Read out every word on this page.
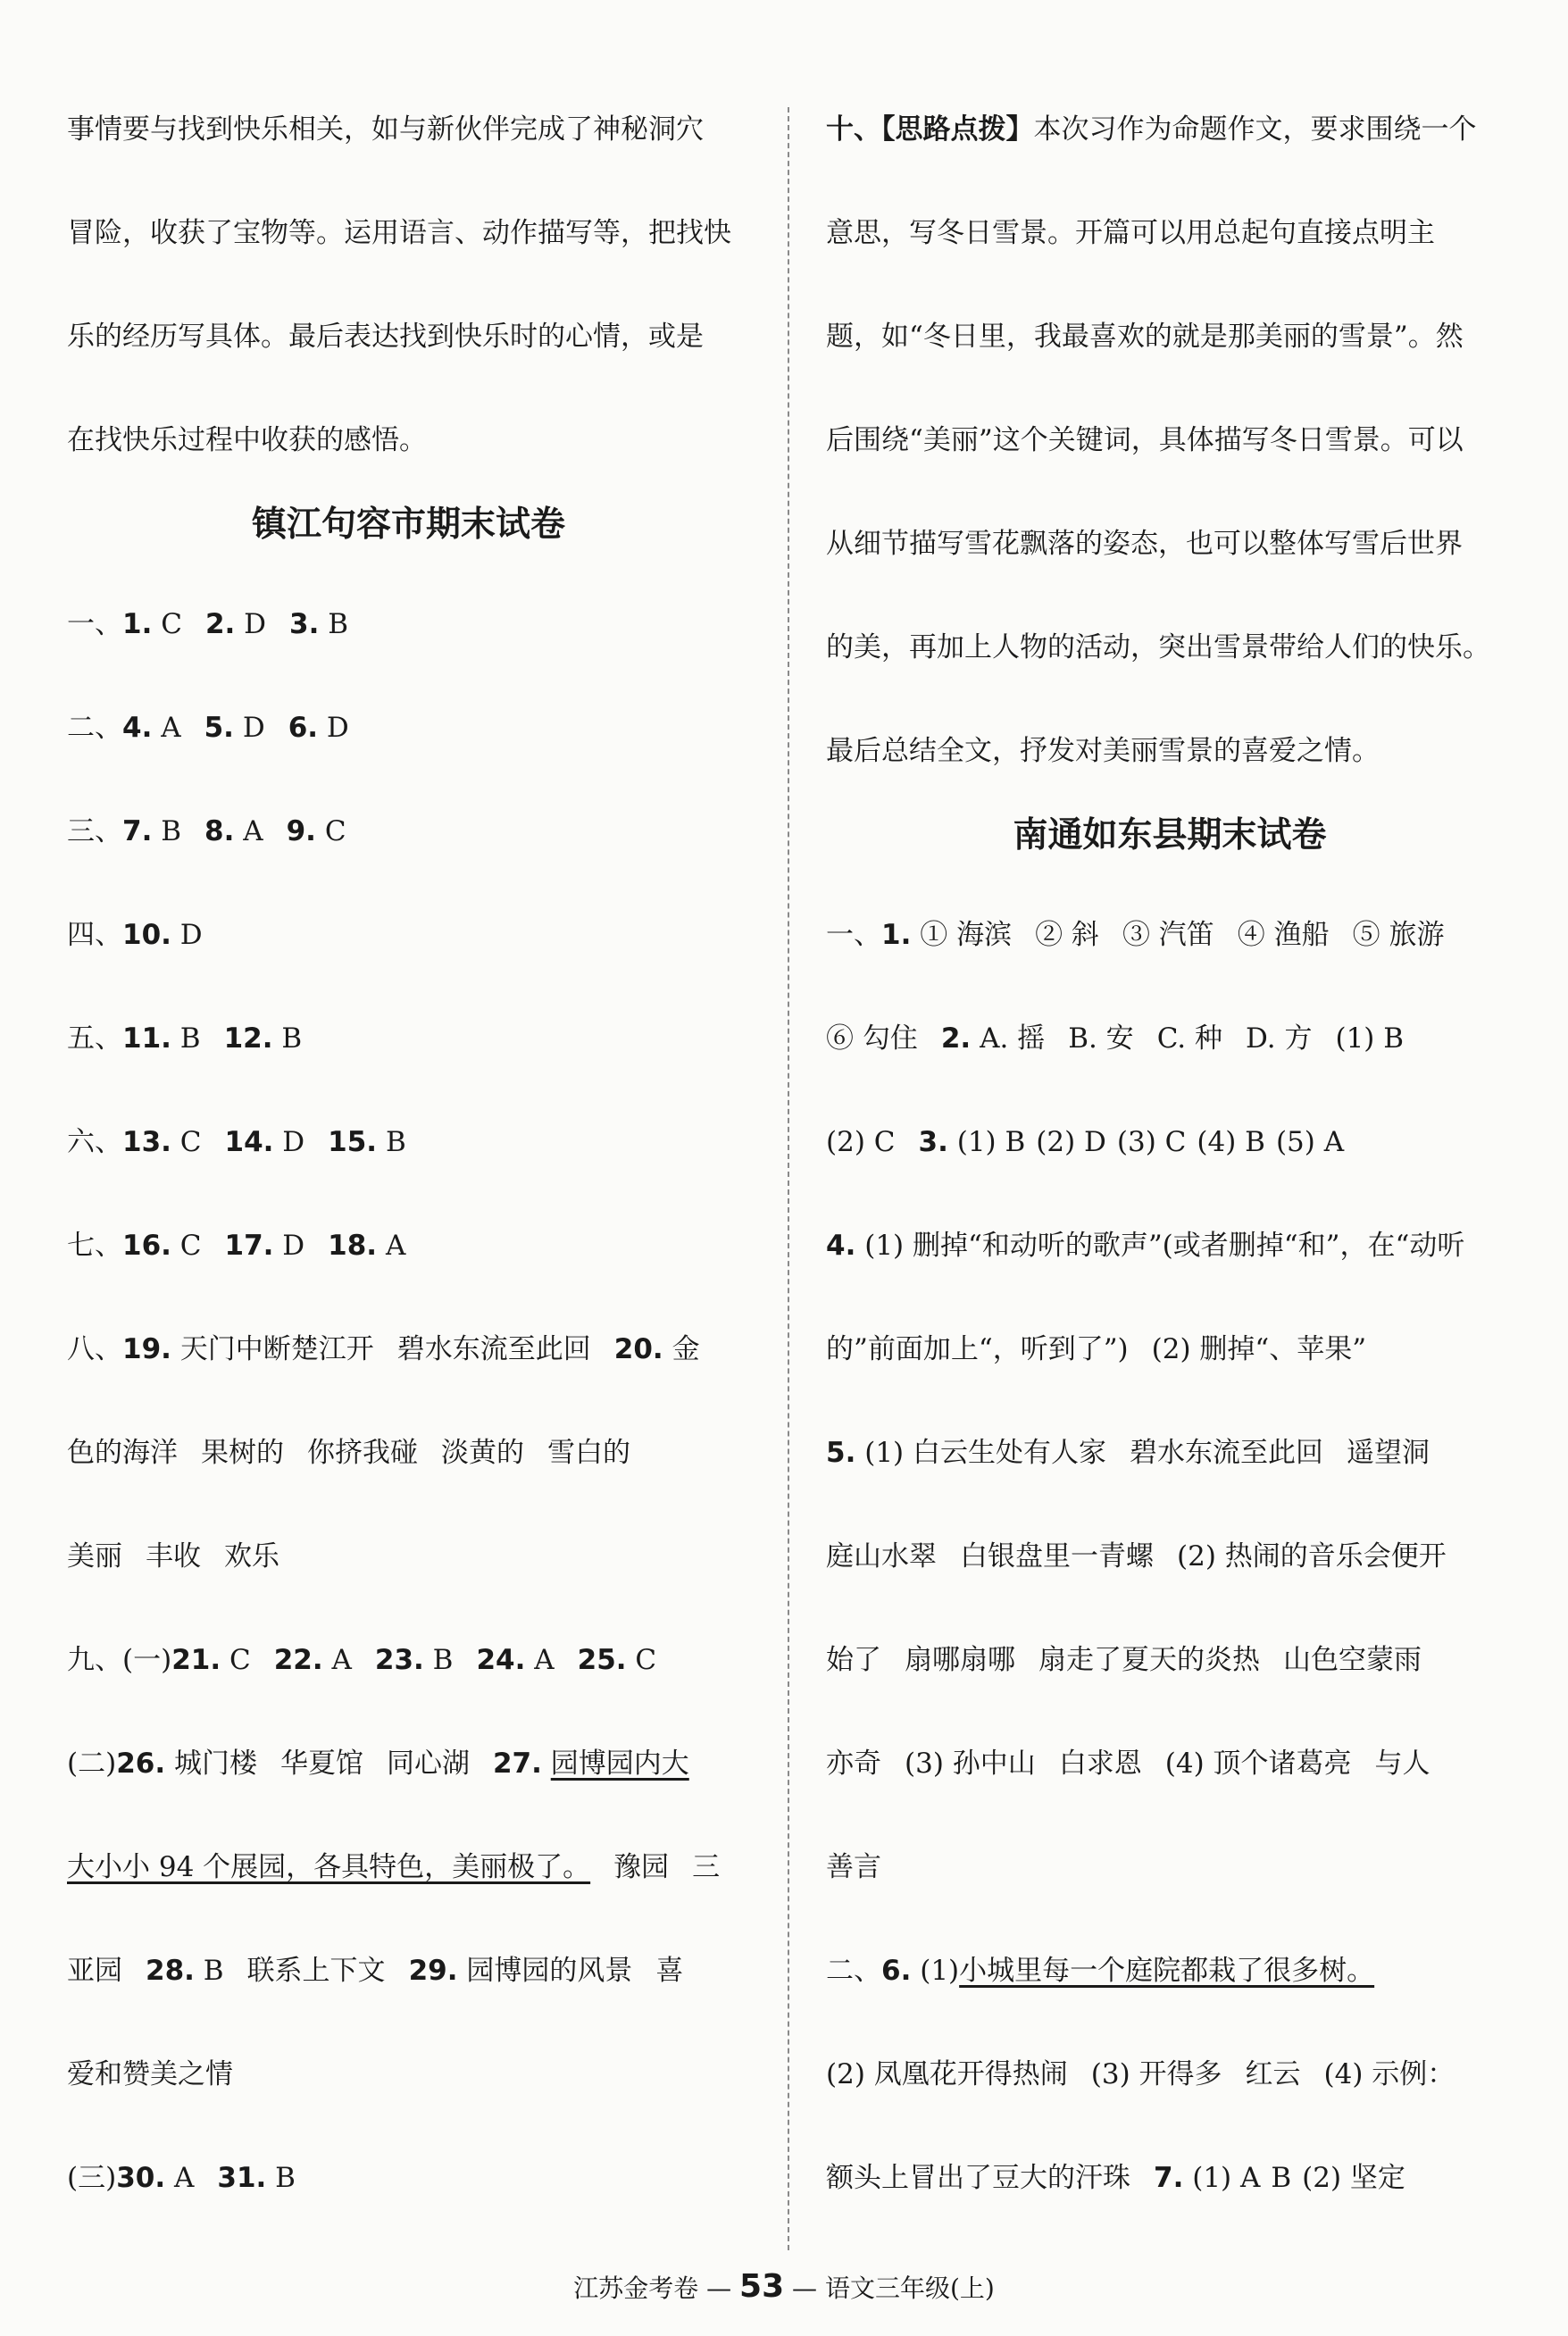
事情要与找到快乐相关，如与新伙伴完成了神秘洞穴
冒险，收获了宝物等。运用语言、动作描写等，把找快
乐的经历写具体。最后表达找到快乐时的心情，或是
在找快乐过程中收获的感悟。
镇江句容市期末试卷
一、1. C 2. D 3. B
二、4. A 5. D 6. D
三、7. B 8. A 9. C
四、10. D
五、11. B 12. B
六、13. C 14. D 15. B
七、16. C 17. D 18. A
八、19. 天门中断楚江开 碧水东流至此回 20. 金
色的海洋 果树的 你挤我碰 淡黄的 雪白的
美丽 丰收 欢乐
九、(一)21. C 22. A 23. B 24. A 25. C
(二)26. 城门楼 华夏馆 同心湖 27. 园博园内大
大小小 94 个展园，各具特色，美丽极了。 豫园 三
亚园 28. B 联系上下文 29. 园博园的风景 喜
爱和赞美之情
(三)30. A 31. B
十、【思路点拨】本次习作为命题作文，要求围绕一个
意思，写冬日雪景。开篇可以用总起句直接点明主
题，如“冬日里，我最喜欢的就是那美丽的雪景”。然
后围绕“美丽”这个关键词，具体描写冬日雪景。可以
从细节描写雪花飘落的姿态，也可以整体写雪后世界
的美，再加上人物的活动，突出雪景带给人们的快乐。
最后总结全文，抒发对美丽雪景的喜爱之情。
南通如东县期末试卷
一、1. ① 海滨 ② 斜 ③ 汽笛 ④ 渔船 ⑤ 旅游
⑥ 勾住 2. A. 摇 B. 安 C. 种 D. 方 (1) B
(2) C 3. (1) B (2) D (3) C (4) B (5) A
4. (1) 删掉“和动听的歌声”(或者删掉“和”，在“动听
的”前面加上“，听到了”) (2) 删掉“、苹果”
5. (1) 白云生处有人家 碧水东流至此回 遥望洞
庭山水翠 白银盘里一青螺 (2) 热闹的音乐会便开
始了 扇哪扇哪 扇走了夏天的炎热 山色空蒙雨
亦奇 (3) 孙中山 白求恩 (4) 顶个诸葛亮 与人
善言
二、6. (1)小城里每一个庭院都栽了很多树。
(2) 凤凰花开得热闹 (3) 开得多 红云 (4) 示例：
额头上冒出了豆大的汗珠 7. (1) A B (2) 坚定
江苏金考卷 — 53 — 语文三年级(上)
